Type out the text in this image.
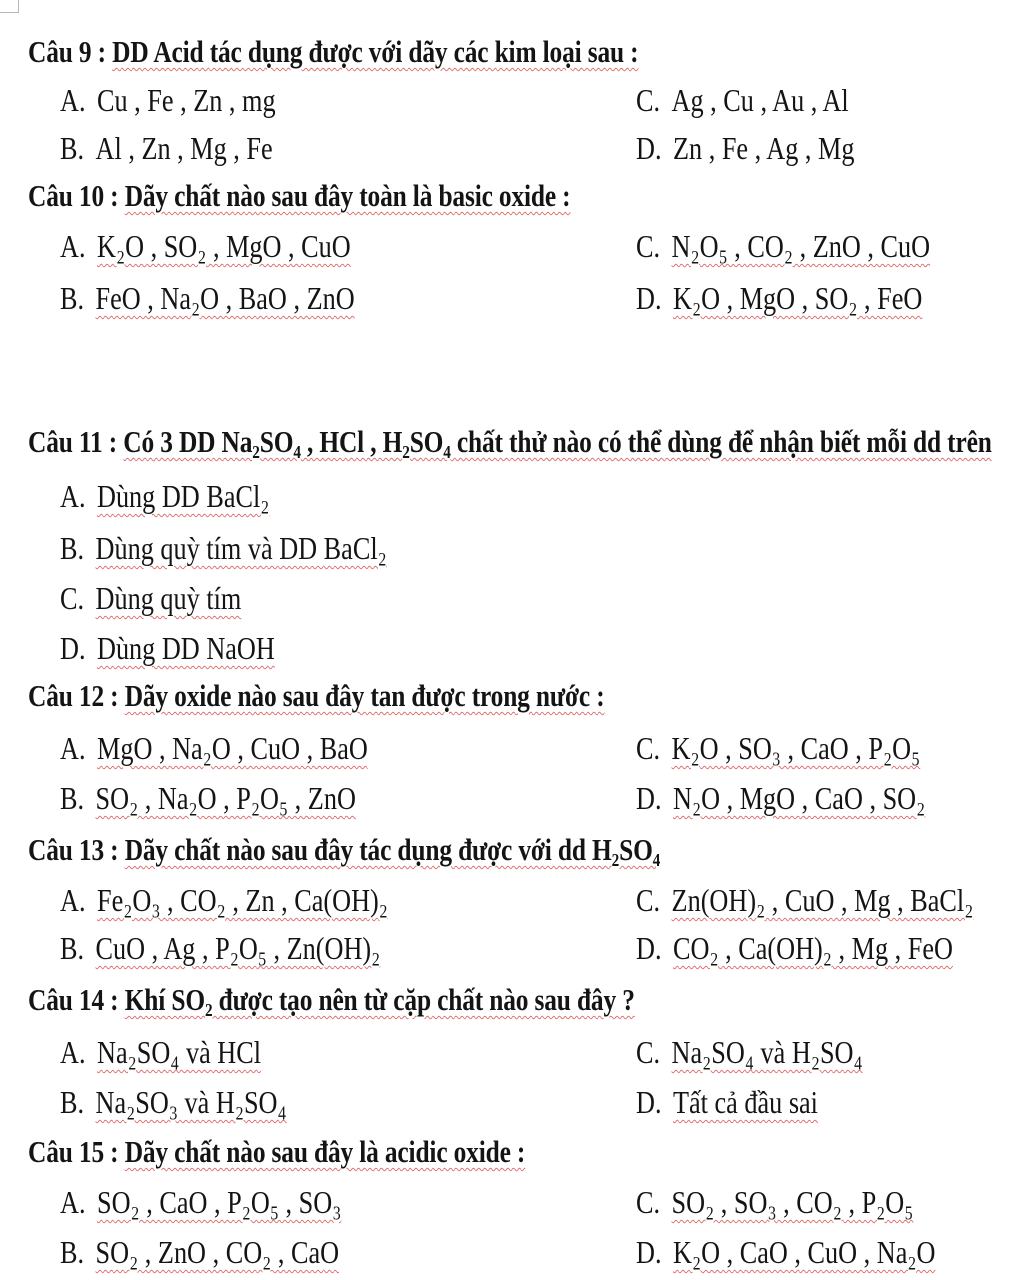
Câu 9 : DD Acid tác dụng được với dãy các kim loại sau :
A. Cu , Fe , Zn , mg	C. Ag , Cu , Au , Al
B. Al , Zn , Mg , Fe	D. Zn , Fe , Ag , Mg
Câu 10 : Dãy chất nào sau đây toàn là basic oxide :
A. K₂O , SO₂ , MgO , CuO	C. N₂O₅ , CO₂ , ZnO , CuO
B. FeO , Na₂O , BaO , ZnO	D. K₂O , MgO , SO₂ , FeO
Câu 11 : Có 3 DD Na₂SO₄ , HCl , H₂SO₄ chất thử nào có thể dùng để nhận biết mỗi dd trên
A. Dùng DD BaCl₂
B. Dùng quỳ tím và DD BaCl₂
C. Dùng quỳ tím
D. Dùng DD NaOH
Câu 12 : Dãy oxide nào sau đây tan được trong nước :
A. MgO , Na₂O , CuO , BaO	C. K₂O , SO₃ , CaO , P₂O₅
B. SO₂ , Na₂O , P₂O₅ , ZnO	D. N₂O , MgO , CaO , SO₂
Câu 13 : Dãy chất nào sau đây tác dụng được với dd H₂SO₄
A. Fe₂O₃ , CO₂ , Zn , Ca(OH)₂	C. Zn(OH)₂ , CuO , Mg , BaCl₂
B. CuO , Ag , P₂O₅ , Zn(OH)₂	D. CO₂ , Ca(OH)₂ , Mg , FeO
Câu 14 : Khí SO₂ được tạo nên từ cặp chất nào sau đây ?
A. Na₂SO₄ và HCl	C. Na₂SO₄ và H₂SO₄
B. Na₂SO₃ và H₂SO₄	D. Tất cả đầu sai
Câu 15 : Dãy chất nào sau đây là acidic oxide :
A. SO₂ , CaO , P₂O₅ , SO₃	C. SO₂ , SO₃ , CO₂ , P₂O₅
B. SO₂ , ZnO , CO₂ , CaO	D. K₂O , CaO , CuO , Na₂O
